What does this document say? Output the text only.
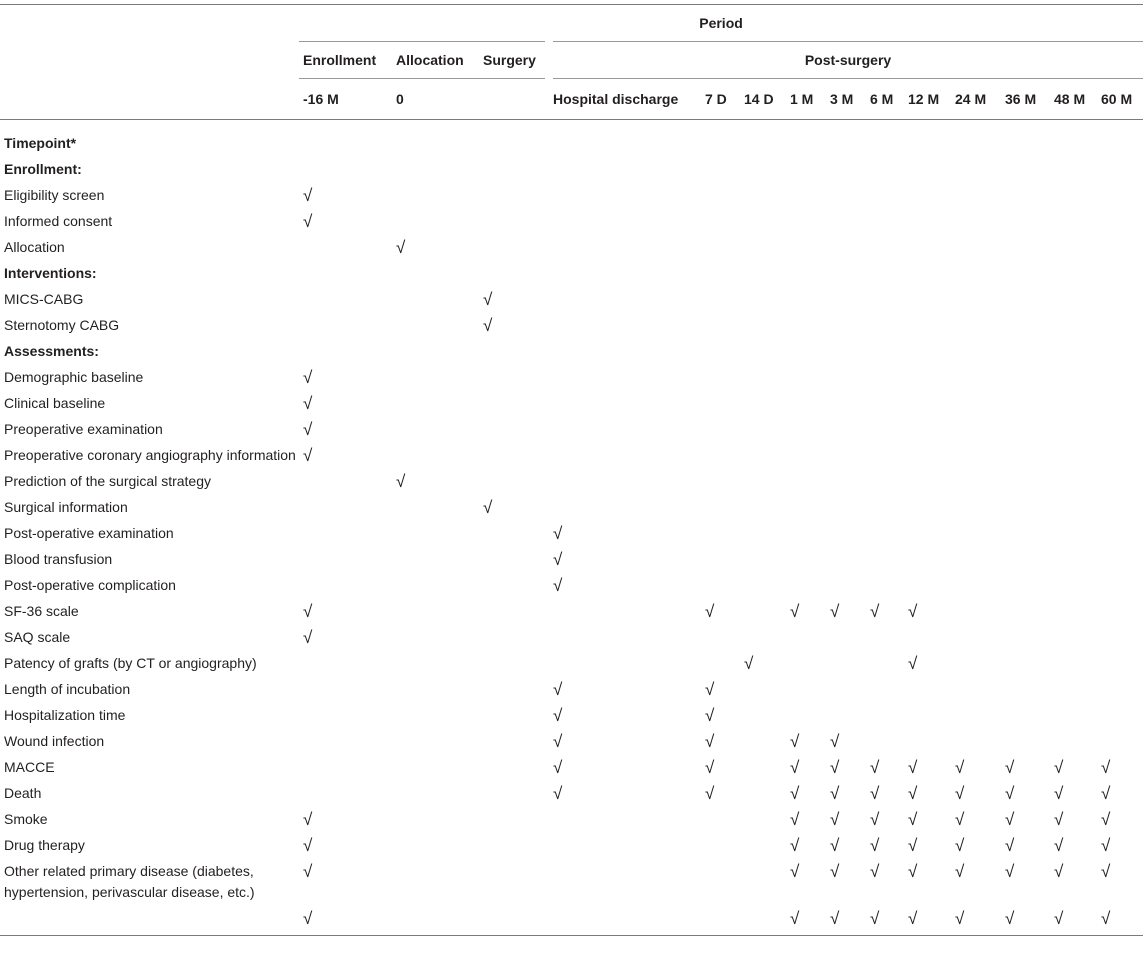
	Period													
	Enrollment	Allocation	Surgery	Post-surgery										
	-16 M	0		Hospital discharge	7 D	14 D	1 M	3 M	6 M	12 M	24 M	36 M	48 M	60 M
Timepoint*														
Enrollment:														
Eligibility screen	√													
Informed consent	√													
Allocation		√												
Interventions:														
MICS-CABG			√											
Sternotomy CABG			√											
Assessments:														
Demographic baseline	√													
Clinical baseline	√													
Preoperative examination	√													
Preoperative coronary angiography information	√													
Prediction of the surgical strategy		√												
Surgical information			√											
Post-operative examination				√										
Blood transfusion				√										
Post-operative complication				√										
SF-36 scale	√				√		√	√	√	√				
SAQ scale	√													
Patency of grafts (by CT or angiography)						√				√				
Length of incubation				√	√									
Hospitalization time				√	√									
Wound infection				√	√		√	√						
MACCE				√	√		√	√	√	√	√	√	√	√
Death				√	√		√	√	√	√	√	√	√	√
Smoke	√						√	√	√	√	√	√	√	√
Drug therapy	√						√	√	√	√	√	√	√	√
Other related primary disease (diabetes, hypertension, perivascular disease, etc.)	√						√	√	√	√	√	√	√	√
	√						√	√	√	√	√	√	√	√
